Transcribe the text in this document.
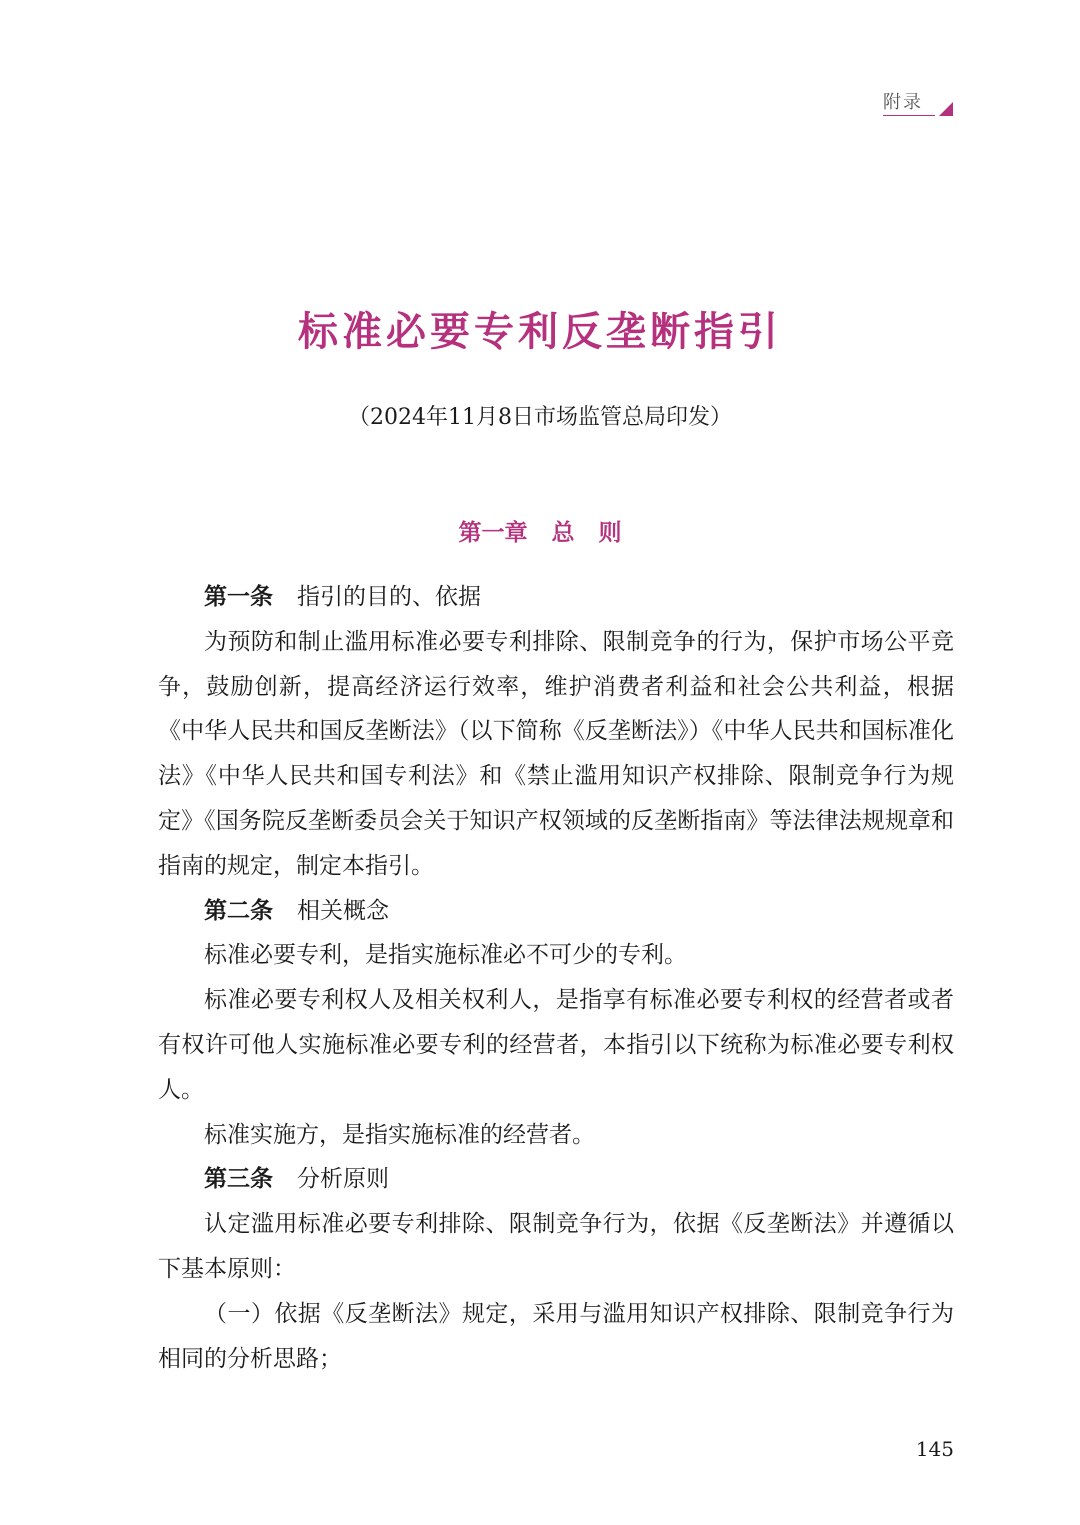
附录
标准必要专利反垄断指引

（2024年11月8日市场监管总局印发）

第一章   总   则

第一条 指引的目的、依据

为预防和制止滥用标准必要专利排除、限制竞争的行为，保护市场公平竞争，鼓励创新，提高经济运行效率，维护消费者利益和社会公共利益，根据《中华人民共和国反垄断法》（以下简称《反垄断法》）《中华人民共和国标准化法》《中华人民共和国专利法》和《禁止滥用知识产权排除、限制竞争行为规定》《国务院反垄断委员会关于知识产权领域的反垄断指南》等法律法规规章和指南的规定，制定本指引。

第二条 相关概念

标准必要专利，是指实施标准必不可少的专利。

标准必要专利权人及相关权利人，是指享有标准必要专利权的经营者或者有权许可他人实施标准必要专利的经营者，本指引以下统称为标准必要专利权人。

标准实施方，是指实施标准的经营者。

第三条 分析原则

认定滥用标准必要专利排除、限制竞争行为，依据《反垄断法》并遵循以下基本原则：

（一）依据《反垄断法》规定，采用与滥用知识产权排除、限制竞争行为相同的分析思路；

145
